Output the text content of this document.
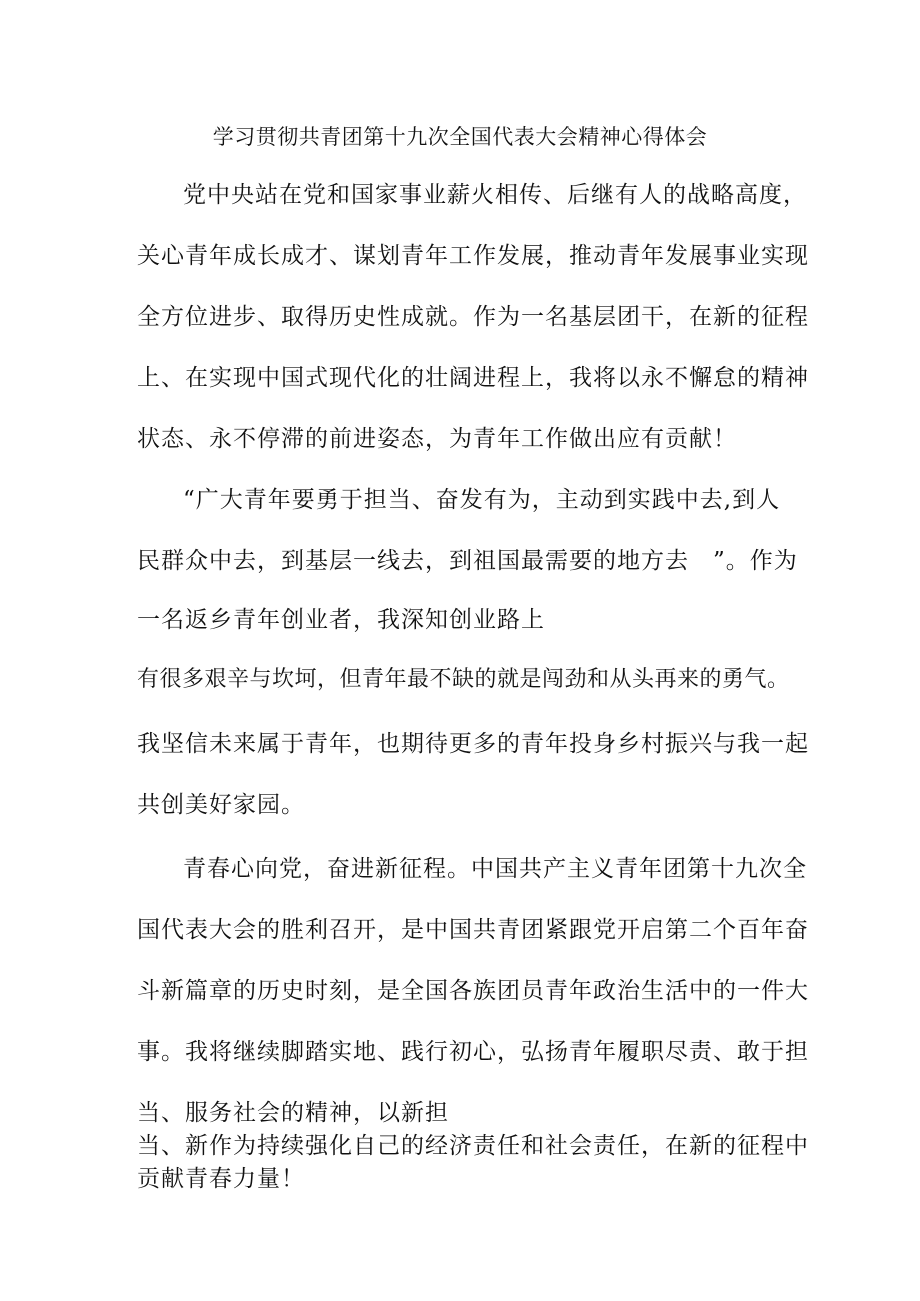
学习贯彻共青团第十九次全国代表大会精神心得体会
党中央站在党和国家事业薪火相传、后继有人的战略高度，
关心青年成长成才、谋划青年工作发展，推动青年发展事业实现
全方位进步、取得历史性成就。作为一名基层团干，在新的征程
上、在实现中国式现代化的壮阔进程上，我将以永不懈怠的精神
状态、永不停滞的前进姿态，为青年工作做出应有贡献！
“广大青年要勇于担当、奋发有为，主动到实践中去,到人
民群众中去，到基层一线去，到祖国最需要的地方去　”。作为
一名返乡青年创业者，我深知创业路上
有很多艰辛与坎坷，但青年最不缺的就是闯劲和从头再来的勇气。
我坚信未来属于青年，也期待更多的青年投身乡村振兴与我一起
共创美好家园。
青春心向党，奋进新征程。中国共产主义青年团第十九次全
国代表大会的胜利召开，是中国共青团紧跟党开启第二个百年奋
斗新篇章的历史时刻，是全国各族团员青年政治生活中的一件大
事。我将继续脚踏实地、践行初心，弘扬青年履职尽责、敢于担
当、服务社会的精神，以新担
当、新作为持续强化自己的经济责任和社会责任，在新的征程中
贡献青春力量！
